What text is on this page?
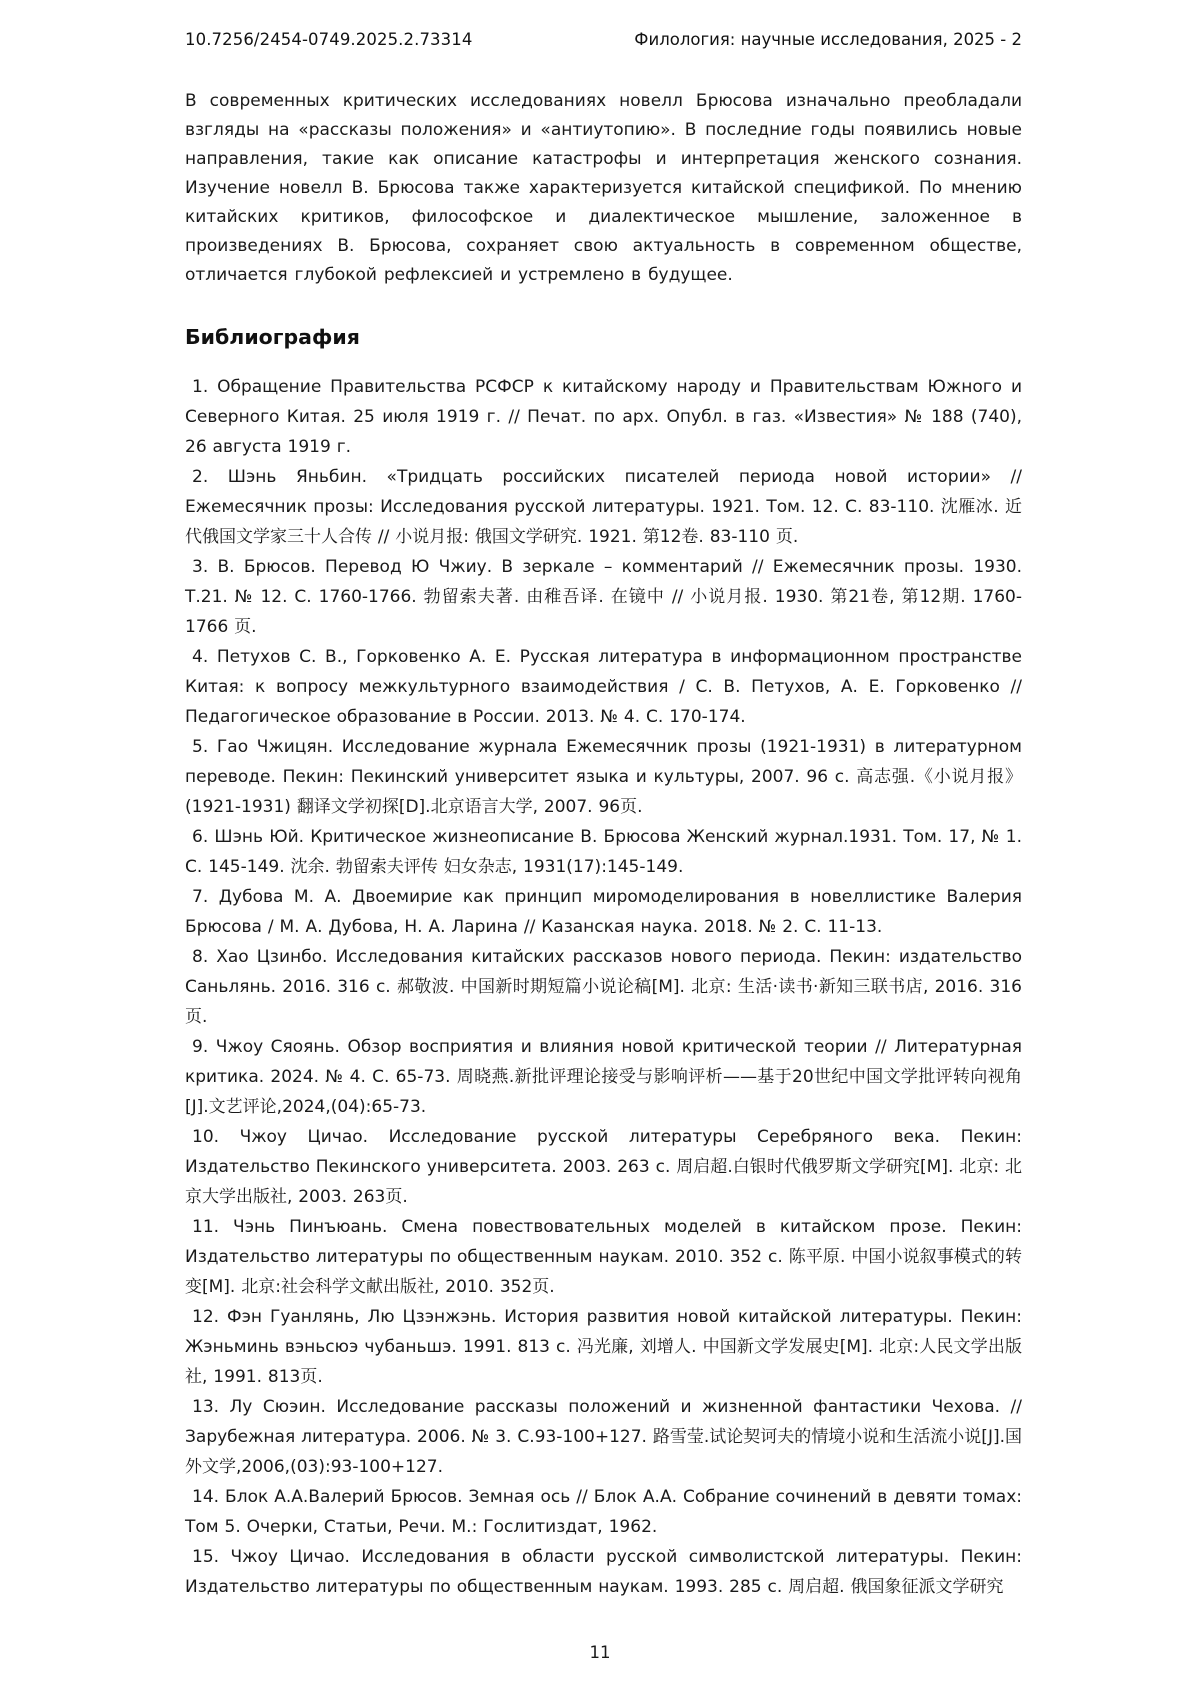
10.7256/2454-0749.2025.2.73314	Филология: научные исследования, 2025 - 2

В современных критических исследованиях новелл Брюсова изначально преобладали взгляды на «рассказы положения» и «антиутопию». В последние годы появились новые направления, такие как описание катастрофы и интерпретация женского сознания. Изучение новелл В. Брюсова также характеризуется китайской спецификой. По мнению китайских критиков, философское и диалектическое мышление, заложенное в произведениях В. Брюсова, сохраняет свою актуальность в современном обществе, отличается глубокой рефлексией и устремлено в будущее.

Библиография

1. Обращение Правительства РСФСР к китайскому народу и Правительствам Южного и Северного Китая. 25 июля 1919 г. // Печат. по арх. Опубл. в газ. «Известия» № 188 (740), 26 августа 1919 г.

2. Шэнь Яньбин. «Тридцать российских писателей периода новой истории» // Ежемесячник прозы: Исследования русской литературы. 1921. Том. 12. С. 83-110. 沈雁冰. 近代俄国文学家三十人合传 // 小说月报: 俄国文学研究. 1921. 第12卷. 83-110 页.

3. В. Брюсов. Перевод Ю Чжиу. В зеркале – комментарий // Ежемесячник прозы. 1930. Т.21. № 12. С. 1760-1766. 勃留索夫著. 由稚吾译. 在镜中 // 小说月报. 1930. 第21卷, 第12期. 1760-1766 页.

4. Петухов С. В., Горковенко А. Е. Русская литература в информационном пространстве Китая: к вопросу межкультурного взаимодействия / С. В. Петухов, А. Е. Горковенко // Педагогическое образование в России. 2013. № 4. С. 170-174.

5. Гао Чжицян. Исследование журнала Ежемесячник прозы (1921-1931) в литературном переводе. Пекин: Пекинский университет языка и культуры, 2007. 96 с. 高志强.《小说月报》(1921-1931) 翻译文学初探[D].北京语言大学, 2007. 96页.

6. Шэнь Юй. Критическое жизнеописание В. Брюсова Женский журнал.1931. Том. 17, № 1. С. 145-149. 沈余. 勃留索夫评传 妇女杂志, 1931(17):145-149.

7. Дубова М. А. Двоемирие как принцип миромоделирования в новеллистике Валерия Брюсова / М. А. Дубова, Н. А. Ларина // Казанская наука. 2018. № 2. С. 11-13.

8. Хао Цзинбо. Исследования китайских рассказов нового периода. Пекин: издательство Саньлянь. 2016. 316 с. 郝敬波. 中国新时期短篇小说论稿[M]. 北京: 生活·读书·新知三联书店, 2016. 316页.

9. Чжоу Сяоянь. Обзор восприятия и влияния новой критической теории // Литературная критика. 2024. № 4. С. 65-73. 周晓燕.新批评理论接受与影响评析——基于20世纪中国文学批评转向视角[J].文艺评论,2024,(04):65-73.

10. Чжоу Цичао. Исследование русской литературы Серебряного века. Пекин: Издательство Пекинского университета. 2003. 263 с. 周启超.白银时代俄罗斯文学研究[M]. 北京: 北京大学出版社, 2003. 263页.

11. Чэнь Пинъюань. Смена повествовательных моделей в китайском прозе. Пекин: Издательство литературы по общественным наукам. 2010. 352 с. 陈平原. 中国小说叙事模式的转变[M]. 北京:社会科学文献出版社, 2010. 352页.

12. Фэн Гуанлянь, Лю Цзэнжэнь. История развития новой китайской литературы. Пекин: Жэньминь вэньсюэ чубаньшэ. 1991. 813 с. 冯光廉, 刘增人. 中国新文学发展史[M]. 北京:人民文学出版社, 1991. 813页.

13. Лу Сюэин. Исследование рассказы положений и жизненной фантастики Чехова. // Зарубежная литература. 2006. № 3. С.93-100+127. 路雪莹.试论契诃夫的情境小说和生活流小说[J].国外文学,2006,(03):93-100+127.

14. Блок А.А.Валерий Брюсов. Земная ось // Блок А.А. Собрание сочинений в девяти томах: Том 5. Очерки, Статьи, Речи. М.: Гослитиздат, 1962.

15. Чжоу Цичао. Исследования в области русской символистской литературы. Пекин: Издательство литературы по общественным наукам. 1993. 285 с. 周启超. 俄国象征派文学研究

11
